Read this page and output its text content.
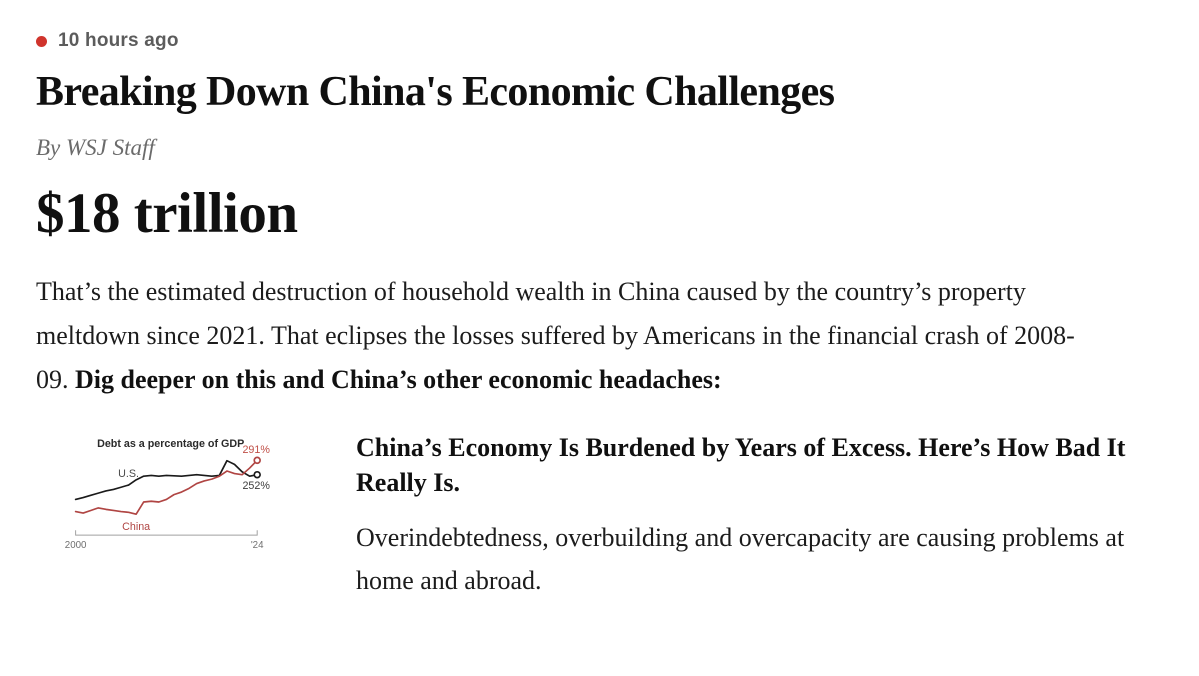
10 hours ago
Breaking Down China's Economic Challenges
By WSJ Staff
$18 trillion

That’s the estimated destruction of household wealth in China caused by the country’s property meltdown since 2021. That eclipses the losses suffered by Americans in the financial crash of 2008-09. Dig deeper on this and China’s other economic headaches:

Debt as a percentage of GDP
2000	'24
U.S.
252%
China
291%	China’s Economy Is Burdened by Years of Excess. Here’s How Bad It Really Is.

Overindebtedness, overbuilding and overcapacity are causing problems at home and abroad.
